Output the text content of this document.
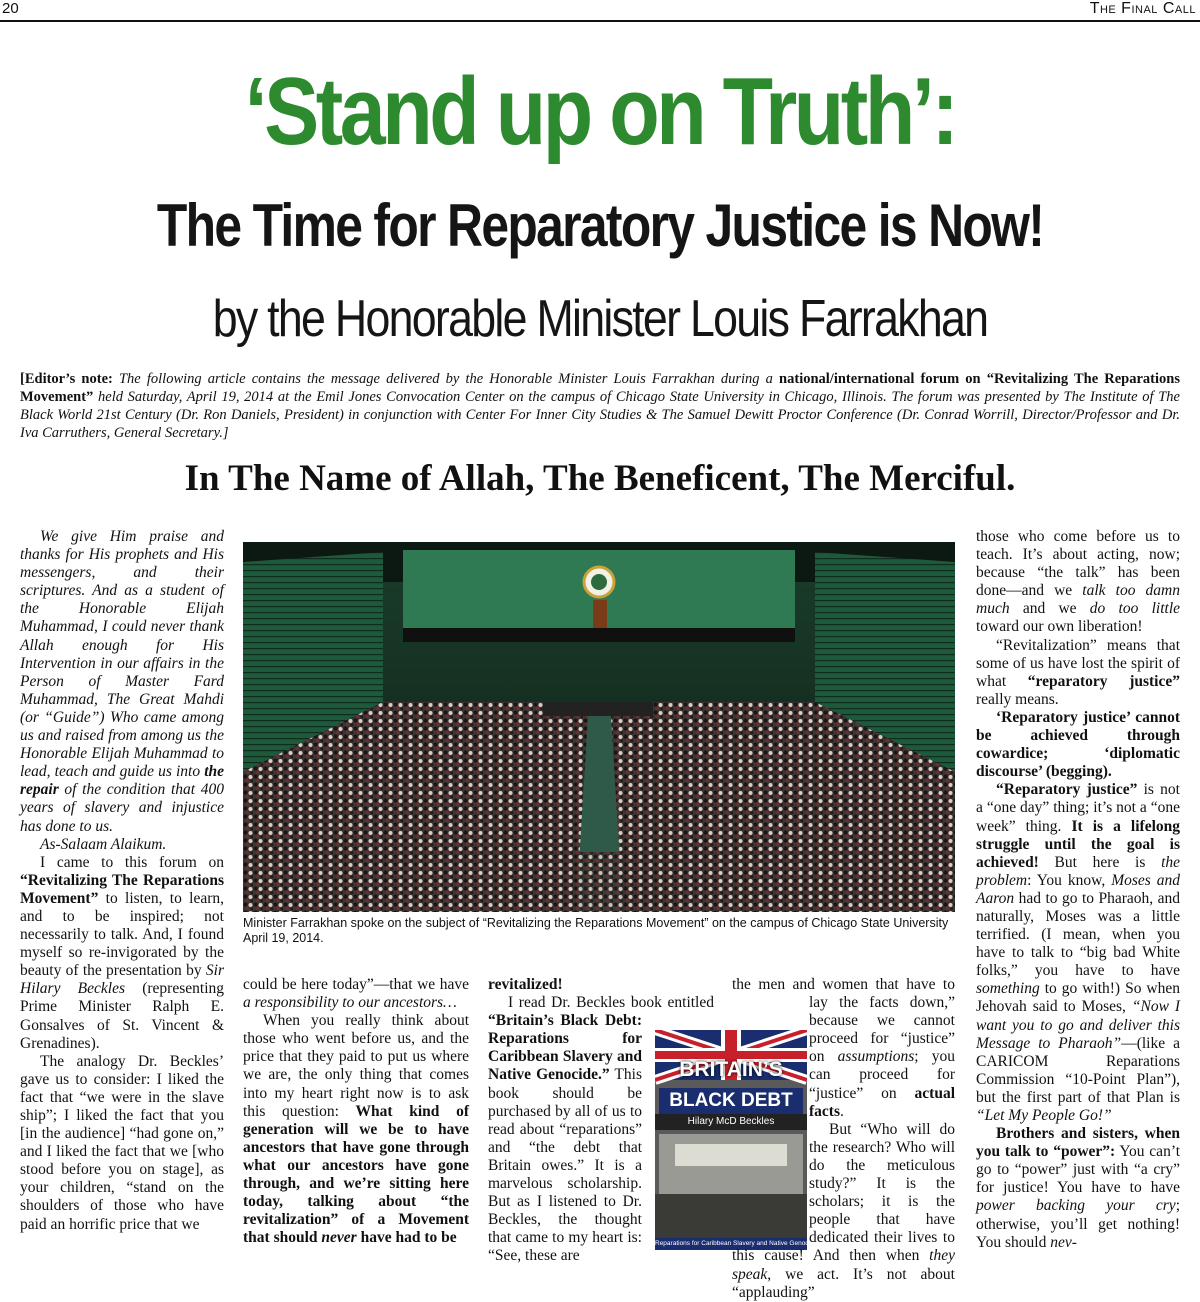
20	The Final Call
‘Stand up on Truth’:
The Time for Reparatory Justice is Now!
by the Honorable Minister Louis Farrakhan
[Editor’s note: The following article contains the message delivered by the Honorable Minister Louis Farrakhan during a national/international forum on “Revitalizing The Reparations Movement” held Saturday, April 19, 2014 at the Emil Jones Convocation Center on the campus of Chicago State University in Chicago, Illinois. The forum was presented by The Institute of The Black World 21st Century (Dr. Ron Daniels, President) in conjunction with Center For Inner City Studies & The Samuel Dewitt Proctor Conference (Dr. Conrad Worrill, Director/Professor and Dr. Iva Carruthers, General Secretary.]
In The Name of Allah, The Beneficent, The Merciful.

We give Him praise and thanks for His prophets and His messengers, and their scriptures. And as a student of the Honorable Elijah Muhammad, I could never thank Allah enough for His Intervention in our affairs in the Person of Master Fard Muhammad, The Great Mahdi (or “Guide”) Who came among us and raised from among us the Honorable Elijah Muhammad to lead, teach and guide us into the repair of the condition that 400 years of slavery and injustice has done to us.

As-Salaam Alaikum.

I came to this forum on “Revitalizing The Reparations Movement” to listen, to learn, and to be inspired; not necessarily to talk. And, I found myself so re-invigorated by the beauty of the presentation by Sir Hilary Beckles (representing Prime Minister Ralph E. Gonsalves of St. Vincent & Grenadines).

The analogy Dr. Beckles’ gave us to consider: I liked the fact that “we were in the slave ship”; I liked the fact that you [in the audience] “had gone on,” and I liked the fact that we [who stood before you on stage], as your children, “stand on the shoulders of those who have paid an horrific price that we

Minister Farrakhan spoke on the subject of “Revitalizing the Reparations Movement” on the campus of Chicago State University April 19, 2014.

could be here today”—that we have a responsibility to our ancestors…

When you really think about those who went before us, and the price that they paid to put us where we are, the only thing that comes into my heart right now is to ask this question: What kind of generation will we be to have ancestors that have gone through what our ancestors have gone through, and we’re sitting here today, talking about “the revitalization” of a Movement that should never have had to be

BRITAIN’S
BLACK DEBT
Hilary McD Beckles
Reparations for Caribbean Slavery and Native Genocide

revitalized!

I read Dr. Beckles book entitled “Britain’s Black Debt: Reparations for Caribbean Slavery and Native Genocide.” This book should be purchased by all of us to read about “reparations” and “the debt that Britain owes.” It is a marvelous scholarship. But as I listened to Dr. Beckles, the thought that came to my heart is: “See, these are

the men and women that have to lay the facts down,” because we cannot proceed for “justice” on assumptions; you can proceed for “justice” on actual facts.

But “Who will do the research? Who will do the meticulous study?” It is the scholars; it is the people that have dedicated their lives to this cause! And then when they speak, we act. It’s not about “applauding”

those who come before us to teach. It’s about acting, now; because “the talk” has been done—and we talk too damn much and we do too little toward our own liberation!

“Revitalization” means that some of us have lost the spirit of what “reparatory justice” really means.

‘Reparatory justice’ cannot be achieved through cowardice; ‘diplomatic discourse’ (begging).

“Reparatory justice” is not a “one day” thing; it’s not a “one week” thing. It is a lifelong struggle until the goal is achieved! But here is the problem: You know, Moses and Aaron had to go to Pharaoh, and naturally, Moses was a little terrified. (I mean, when you have to talk to “big bad White folks,” you have to have something to go with!) So when Jehovah said to Moses, “Now I want you to go and deliver this Message to Pharaoh”—(like a CARICOM Reparations Commission “10-Point Plan”), but the first part of that Plan is “Let My People Go!”

Brothers and sisters, when you talk to “power”: You can’t go to “power” just with “a cry” for justice! You have to have power backing your cry; otherwise, you’ll get nothing! You should nev-
